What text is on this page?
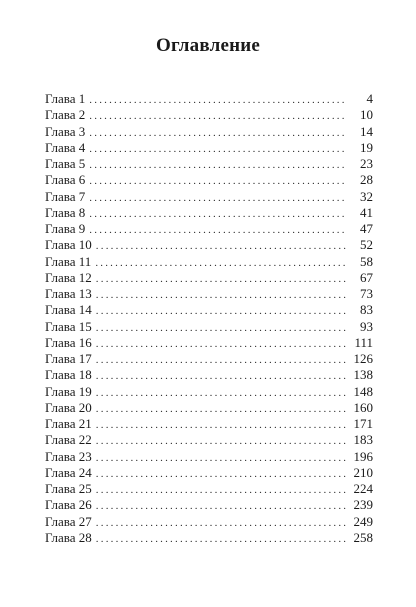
Оглавление
Глава 1 .....	4
Глава 2 .....	10
Глава 3 .....	14
Глава 4 .....	19
Глава 5 .....	23
Глава 6 .....	28
Глава 7 .....	32
Глава 8 .....	41
Глава 9 .....	47
Глава 10 .....	52
Глава 11 .....	58
Глава 12 .....	67
Глава 13 .....	73
Глава 14 .....	83
Глава 15 .....	93
Глава 16 .....	111
Глава 17 .....	126
Глава 18 .....	138
Глава 19 .....	148
Глава 20 .....	160
Глава 21 .....	171
Глава 22 .....	183
Глава 23 .....	196
Глава 24 .....	210
Глава 25 .....	224
Глава 26 .....	239
Глава 27 .....	249
Глава 28 .....	258
